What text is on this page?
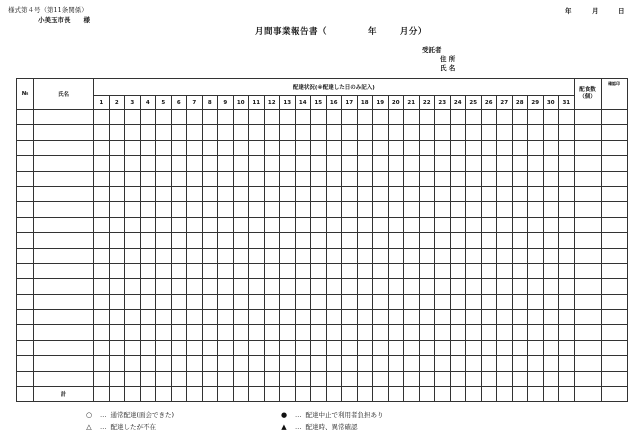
様式第４号（第11条関係）	年	月	日
小美玉市長　　様
月間事業報告書（	年	月分）
受託者
住 所
氏 名
№	氏名	配達状況(※配達した日のみ記入)																															配食数（個）	確認印
		1	2	3	4	5	6	7	8	9	10	11	12	13	14	15	16	17	18	19	20	21	22	23	24	25	26	27	28	29	30	31		

	計																																	
○ … 通常配達(面会できた)	● … 配達中止で利用者負担あり
△ … 配達したが不在	▲ … 配達時、異常確認
